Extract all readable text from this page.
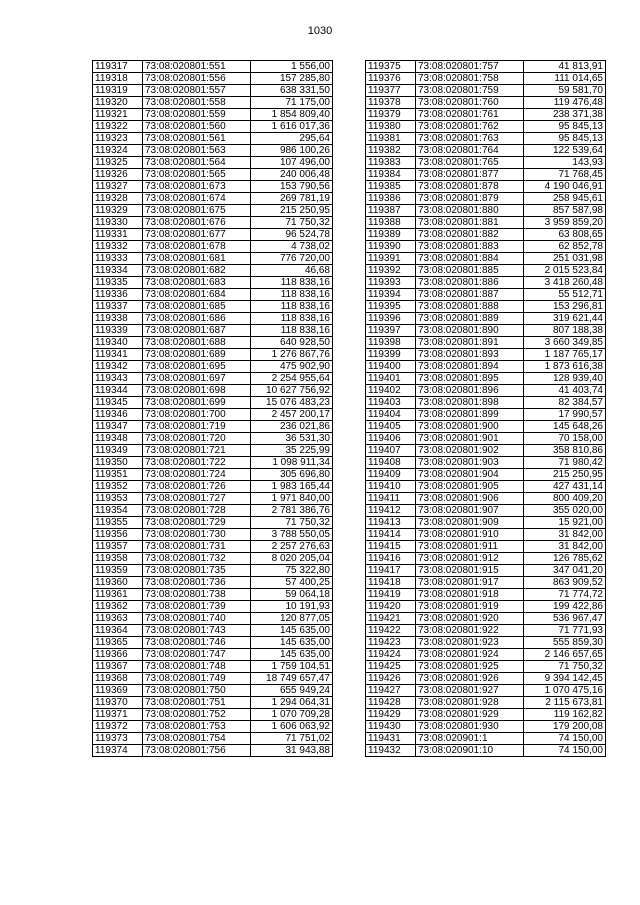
1030
119317	73:08:020801:551	1 556,00
119318	73:08:020801:556	157 285,80
119319	73:08:020801:557	638 331,50
119320	73:08:020801:558	71 175,00
119321	73:08:020801:559	1 854 809,40
119322	73:08:020801:560	1 616 017,36
119323	73:08:020801:561	295,64
119324	73:08:020801:563	986 100,26
119325	73:08:020801:564	107 496,00
119326	73:08:020801:565	240 006,48
119327	73:08:020801:673	153 790,56
119328	73:08:020801:674	269 781,19
119329	73:08:020801:675	215 250,95
119330	73:08:020801:676	71 750,32
119331	73:08:020801:677	96 524,78
119332	73:08:020801:678	4 738,02
119333	73:08:020801:681	776 720,00
119334	73:08:020801:682	46,68
119335	73:08:020801:683	118 838,16
119336	73:08:020801:684	118 838,16
119337	73:08:020801:685	118 838,16
119338	73:08:020801:686	118 838,16
119339	73:08:020801:687	118 838,16
119340	73:08:020801:688	640 928,50
119341	73:08:020801:689	1 276 867,76
119342	73:08:020801:695	475 902,90
119343	73:08:020801:697	2 254 955,64
119344	73:08:020801:698	10 627 756,92
119345	73:08:020801:699	15 076 483,23
119346	73:08:020801:700	2 457 200,17
119347	73:08:020801:719	236 021,86
119348	73:08:020801:720	36 531,30
119349	73:08:020801:721	35 225,99
119350	73:08:020801:722	1 098 911,34
119351	73:08:020801:724	305 696,80
119352	73:08:020801:726	1 983 165,44
119353	73:08:020801:727	1 971 840,00
119354	73:08:020801:728	2 781 386,76
119355	73:08:020801:729	71 750,32
119356	73:08:020801:730	3 788 550,05
119357	73:08:020801:731	2 257 276,63
119358	73:08:020801:732	8 020 205,04
119359	73:08:020801:735	75 322,80
119360	73:08:020801:736	57 400,25
119361	73:08:020801:738	59 064,18
119362	73:08:020801:739	10 191,93
119363	73:08:020801:740	120 877,05
119364	73:08:020801:743	145 635,00
119365	73:08:020801:746	145 635,00
119366	73:08:020801:747	145 635,00
119367	73:08:020801:748	1 759 104,51
119368	73:08:020801:749	18 749 657,47
119369	73:08:020801:750	655 949,24
119370	73:08:020801:751	1 294 064,31
119371	73:08:020801:752	1 070 709,28
119372	73:08:020801:753	1 606 063,92
119373	73:08:020801:754	71 751,02
119374	73:08:020801:756	31 943,88
119375	73:08:020801:757	41 813,91
119376	73:08:020801:758	111 014,65
119377	73:08:020801:759	59 581,70
119378	73:08:020801:760	119 476,48
119379	73:08:020801:761	238 371,38
119380	73:08:020801:762	95 845,13
119381	73:08:020801:763	95 845,13
119382	73:08:020801:764	122 539,64
119383	73:08:020801:765	143,93
119384	73:08:020801:877	71 768,45
119385	73:08:020801:878	4 190 046,91
119386	73:08:020801:879	258 945,61
119387	73:08:020801:880	857 587,98
119388	73:08:020801:881	3 959 859,20
119389	73:08:020801:882	63 808,65
119390	73:08:020801:883	62 852,78
119391	73:08:020801:884	251 031,98
119392	73:08:020801:885	2 015 523,84
119393	73:08:020801:886	3 418 260,48
119394	73:08:020801:887	55 512,71
119395	73:08:020801:888	153 296,81
119396	73:08:020801:889	319 621,44
119397	73:08:020801:890	807 188,38
119398	73:08:020801:891	3 660 349,85
119399	73:08:020801:893	1 187 765,17
119400	73:08:020801:894	1 873 616,38
119401	73:08:020801:895	128 939,40
119402	73:08:020801:896	41 403,74
119403	73:08:020801:898	82 384,57
119404	73:08:020801:899	17 990,57
119405	73:08:020801:900	145 648,26
119406	73:08:020801:901	70 158,00
119407	73:08:020801:902	358 810,86
119408	73:08:020801:903	71 980,42
119409	73:08:020801:904	215 250,95
119410	73:08:020801:905	427 431,14
119411	73:08:020801:906	800 409,20
119412	73:08:020801:907	355 020,00
119413	73:08:020801:909	15 921,00
119414	73:08:020801:910	31 842,00
119415	73:08:020801:911	31 842,00
119416	73:08:020801:912	126 785,62
119417	73:08:020801:915	347 041,20
119418	73:08:020801:917	863 909,52
119419	73:08:020801:918	71 774,72
119420	73:08:020801:919	199 422,86
119421	73:08:020801:920	536 967,47
119422	73:08:020801:922	71 771,93
119423	73:08:020801:923	555 859,30
119424	73:08:020801:924	2 146 657,65
119425	73:08:020801:925	71 750,32
119426	73:08:020801:926	9 394 142,45
119427	73:08:020801:927	1 070 475,16
119428	73:08:020801:928	2 115 673,81
119429	73:08:020801:929	119 162,82
119430	73:08:020801:930	179 200,08
119431	73:08:020901:1	74 150,00
119432	73:08:020901:10	74 150,00
